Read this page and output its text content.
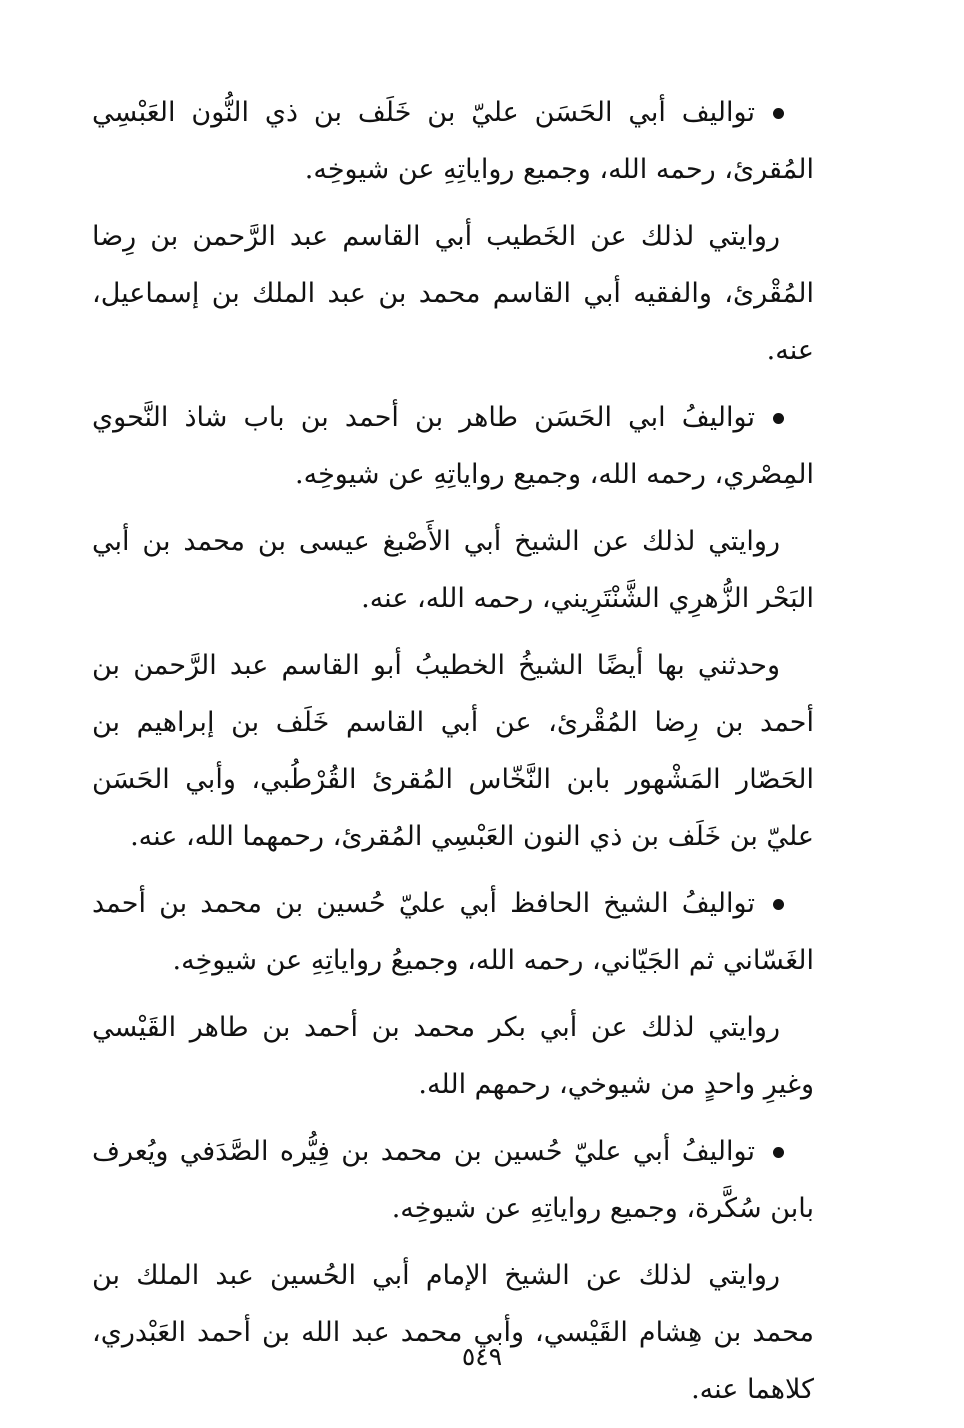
تواليف أبي الحَسَن عليّ بن خَلَف بن ذي النُّون العَبْسِي المُقرئ، رحمه الله، وجميع رواياتِهِ عن شيوخِه.

روايتي لذلك عن الخَطيب أبي القاسم عبد الرَّحمن بن رِضا المُقْرئ، والفقيه أبي القاسم محمد بن عبد الملك بن إسماعيل، عنه.

تواليفُ ابي الحَسَن طاهر بن أحمد بن باب شاذ النَّحوي المِصْري، رحمه الله، وجميع رواياتِهِ عن شيوخِه.

روايتي لذلك عن الشيخ أبي الأَصْبغ عيسى بن محمد بن أبي البَحْر الزُّهرِي الشَّنْتَرِيني، رحمه الله، عنه.

وحدثني بها أيضًا الشيخُ الخطيبُ أبو القاسم عبد الرَّحمن بن أحمد بن رِضا المُقْرئ، عن أبي القاسم خَلَف بن إبراهيم بن الحَصّار المَشْهور بابن النَّخّاس المُقرئ القُرْطُبي، وأبي الحَسَن عليّ بن خَلَف بن ذي النون العَبْسِي المُقرئ، رحمهما الله، عنه.

تواليفُ الشيخ الحافظ أبي عليّ حُسين بن محمد بن أحمد الغَسّاني ثم الجَيّاني، رحمه الله، وجميعُ رواياتِهِ عن شيوخِه.

روايتي لذلك عن أبي بكر محمد بن أحمد بن طاهر القَيْسي وغيرِ واحدٍ من شيوخي، رحمهم الله.

تواليفُ أبي عليّ حُسين بن محمد بن فِيُّره الصَّدَفي ويُعرف بابن سُكَّرة، وجميع رواياتِهِ عن شيوخِه.

روايتي لذلك عن الشيخ الإمام أبي الحُسين عبد الملك بن محمد بن هِشام القَيْسي، وأبي محمد عبد الله بن أحمد العَبْدري، كلاهما عنه.

٥٤٩
